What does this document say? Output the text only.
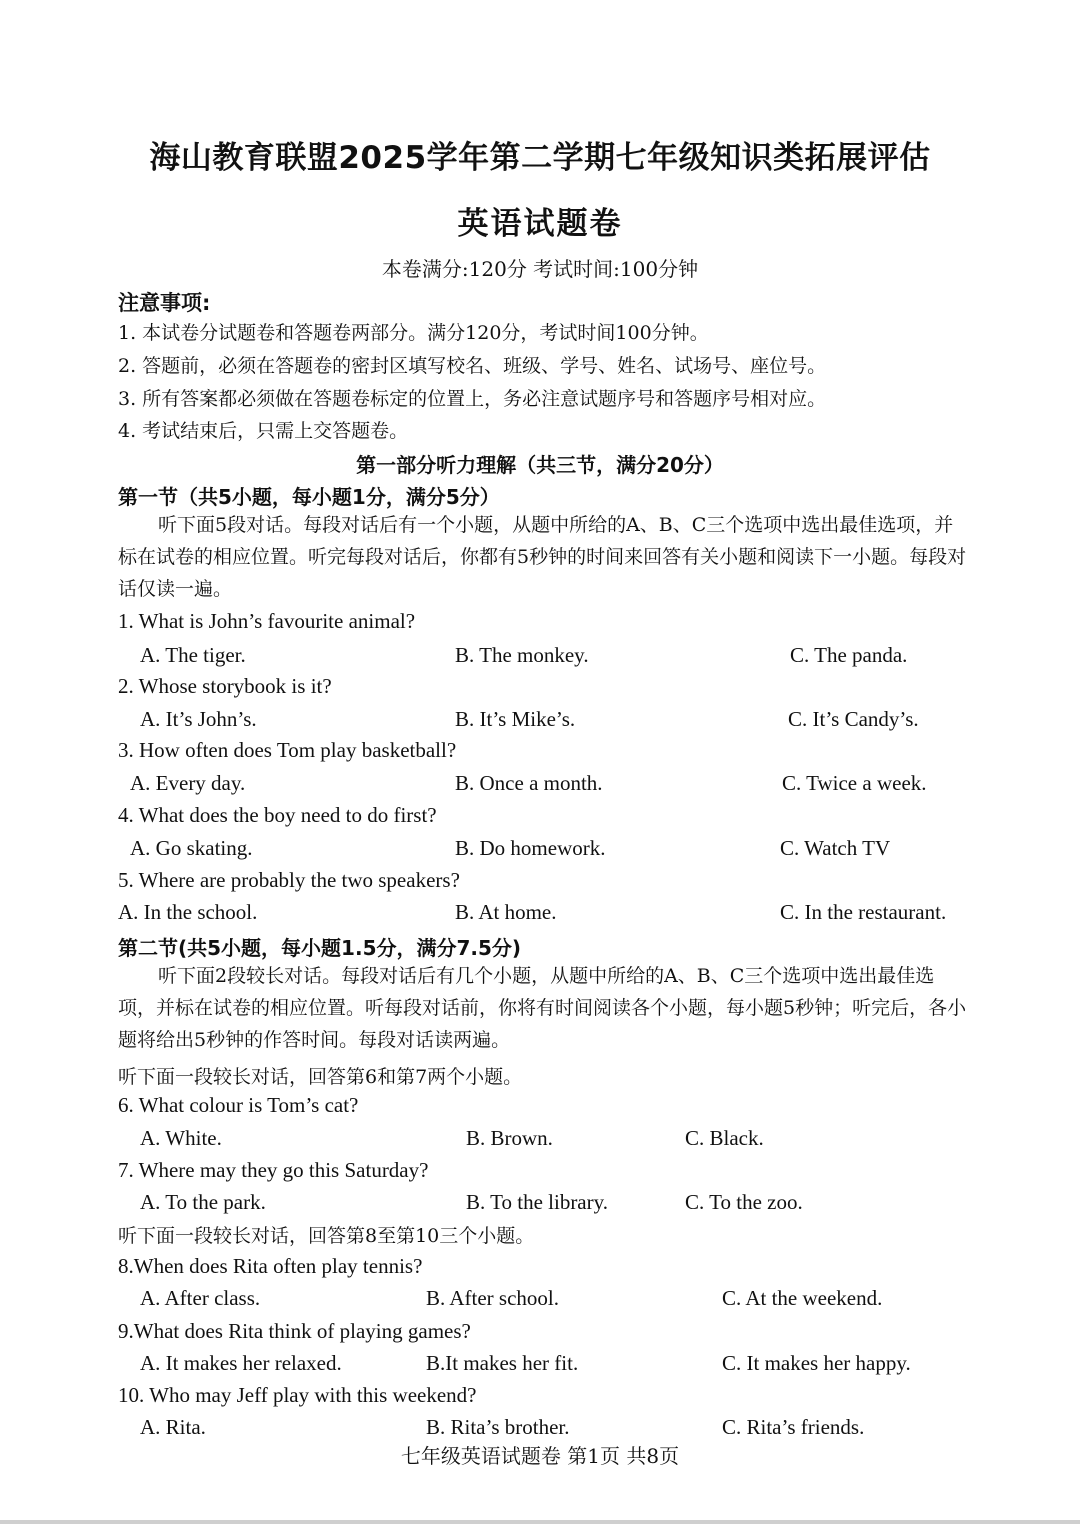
海山教育联盟2025学年第二学期七年级知识类拓展评估
英语试题卷
本卷满分:120分 考试时间:100分钟
注意事项:
1. 本试卷分试题卷和答题卷两部分。满分120分，考试时间100分钟。
2. 答题前，必须在答题卷的密封区填写校名、班级、学号、姓名、试场号、座位号。
3. 所有答案都必须做在答题卷标定的位置上，务必注意试题序号和答题序号相对应。
4. 考试结束后，只需上交答题卷。
第一部分听力理解（共三节，满分20分）
第一节（共5小题，每小题1分，满分5分）
听下面5段对话。每段对话后有一个小题，从题中所给的A、B、C三个选项中选出最佳选项，并标在试卷的相应位置。听完每段对话后，你都有5秒钟的时间来回答有关小题和阅读下一小题。每段对话仅读一遍。
1. What is John’s favourite animal?
A. The tiger.	B. The monkey.	C. The panda.
2. Whose storybook is it?
A. It’s John’s.	B. It’s Mike’s.	C. It’s Candy’s.
3. How often does Tom play basketball?
A. Every day.	B. Once a month.	C. Twice a week.
4. What does the boy need to do first?
A. Go skating.	B. Do homework.	C. Watch TV
5. Where are probably the two speakers?
A. In the school.	B. At home.	C. In the restaurant.
第二节(共5小题，每小题1.5分，满分7.5分)
听下面2段较长对话。每段对话后有几个小题，从题中所给的A、B、C三个选项中选出最佳选项，并标在试卷的相应位置。听每段对话前，你将有时间阅读各个小题，每小题5秒钟；听完后，各小题将给出5秒钟的作答时间。每段对话读两遍。
听下面一段较长对话，回答第6和第7两个小题。
6. What colour is Tom’s cat?
A. White.	B. Brown.	C. Black.
7. Where may they go this Saturday?
A. To the park.	B. To the library.	C. To the zoo.
听下面一段较长对话，回答第8至第10三个小题。
8.When does Rita often play tennis?
A. After class.	B. After school.	C. At the weekend.
9.What does Rita think of playing games?
A. It makes her relaxed.	B.It makes her fit.	C. It makes her happy.
10. Who may Jeff play with this weekend?
A. Rita.	B. Rita’s brother.	C. Rita’s friends.
七年级英语试题卷 第1页 共8页
